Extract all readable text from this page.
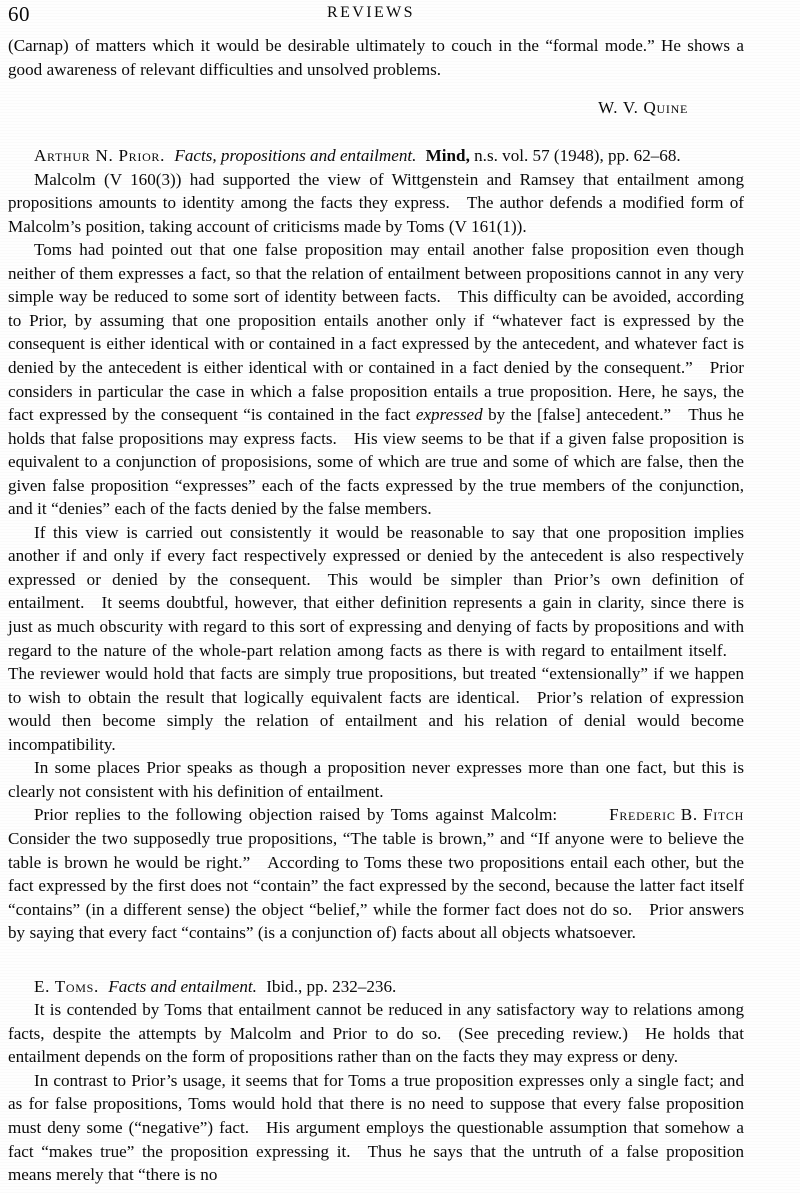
60	REVIEWS

(Carnap) of matters which it would be desirable ultimately to couch in the “formal mode.” He shows a good awareness of relevant difficulties and unsolved problems.

W. V. Quine

Arthur N. Prior. Facts, propositions and entailment. Mind, n.s. vol. 57 (1948), pp. 62–68.

Malcolm (V 160(3)) had supported the view of Wittgenstein and Ramsey that entailment among propositions amounts to identity among the facts they express. The author defends a modified form of Malcolm’s position, taking account of criticisms made by Toms (V 161(1)).

Toms had pointed out that one false proposition may entail another false proposition even though neither of them expresses a fact, so that the relation of entailment between propositions cannot in any very simple way be reduced to some sort of identity between facts. This difficulty can be avoided, according to Prior, by assuming that one proposition entails another only if “whatever fact is expressed by the consequent is either identical with or contained in a fact expressed by the antecedent, and whatever fact is denied by the antecedent is either identical with or contained in a fact denied by the consequent.” Prior considers in particular the case in which a false proposition entails a true proposition. Here, he says, the fact expressed by the consequent “is contained in the fact expressed by the [false] antecedent.” Thus he holds that false propositions may express facts. His view seems to be that if a given false proposition is equivalent to a conjunction of proposisions, some of which are true and some of which are false, then the given false proposition “expresses” each of the facts expressed by the true members of the conjunction, and it “denies” each of the facts denied by the false members.

If this view is carried out consistently it would be reasonable to say that one proposition implies another if and only if every fact respectively expressed or denied by the antecedent is also respectively expressed or denied by the consequent. This would be simpler than Prior’s own definition of entailment. It seems doubtful, however, that either definition represents a gain in clarity, since there is just as much obscurity with regard to this sort of expressing and denying of facts by propositions and with regard to the nature of the whole-part relation among facts as there is with regard to entailment itself. The reviewer would hold that facts are simply true propositions, but treated “extensionally” if we happen to wish to obtain the result that logically equivalent facts are identical. Prior’s relation of expression would then become simply the relation of entailment and his relation of denial would become incompatibility.

In some places Prior speaks as though a proposition never expresses more than one fact, but this is clearly not consistent with his definition of entailment.

Frederic B. Fitch
Prior replies to the following objection raised by Toms against Malcolm: Consider the two supposedly true propositions, “The table is brown,” and “If anyone were to believe the table is brown he would be right.” According to Toms these two propositions entail each other, but the fact expressed by the first does not “contain” the fact expressed by the second, because the latter fact itself “contains” (in a different sense) the object “belief,” while the former fact does not do so. Prior answers by saying that every fact “contains” (is a conjunction of) facts about all objects whatsoever.

E. Toms. Facts and entailment. Ibid., pp. 232–236.

It is contended by Toms that entailment cannot be reduced in any satisfactory way to relations among facts, despite the attempts by Malcolm and Prior to do so. (See preceding review.) He holds that entailment depends on the form of propositions rather than on the facts they may express or deny.

In contrast to Prior’s usage, it seems that for Toms a true proposition expresses only a single fact; and as for false propositions, Toms would hold that there is no need to suppose that every false proposition must deny some (“negative”) fact. His argument employs the questionable assumption that somehow a fact “makes true” the proposition expressing it. Thus he says that the untruth of a false proposition means merely that “there is no
